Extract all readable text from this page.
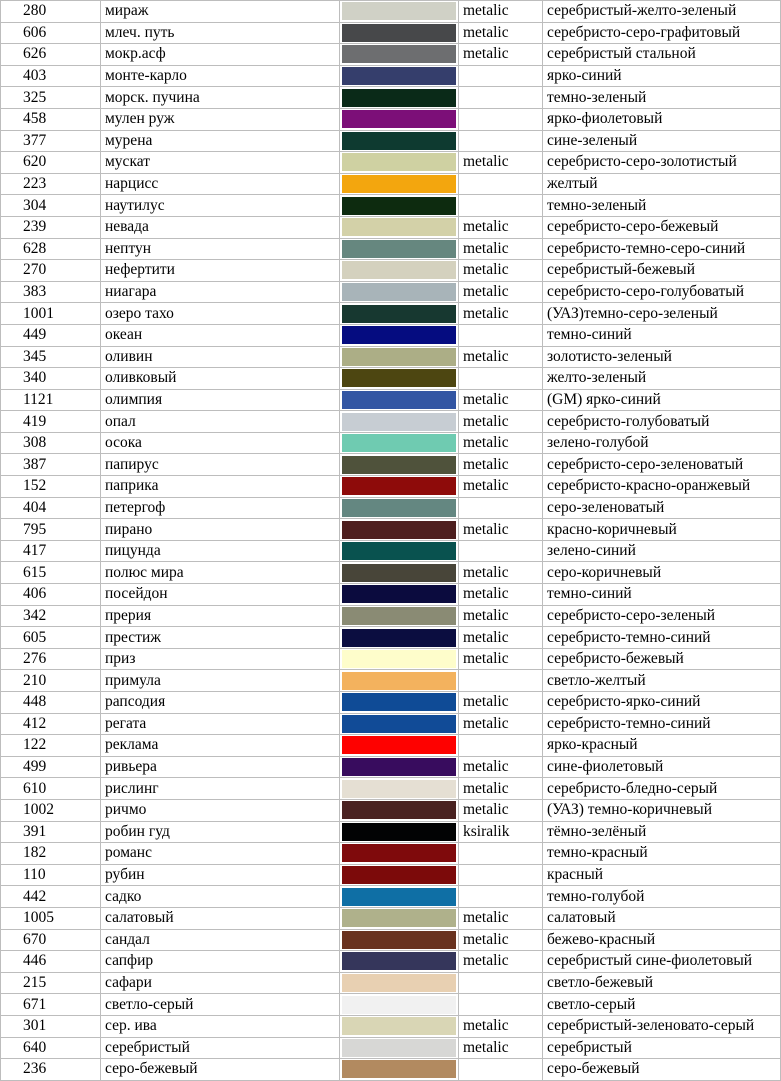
280	мираж		metalic	серебристый-желто-зеленый
606	млеч. путь		metalic	серебристо-серо-графитовый
626	мокр.асф		metalic	серебристый стальной
403	монте-карло			ярко-синий
325	морск. пучина			темно-зеленый
458	мулен руж			ярко-фиолетовый
377	мурена			сине-зеленый
620	мускат		metalic	серебристо-серо-золотистый
223	нарцисс			желтый
304	наутилус			темно-зеленый
239	невада		metalic	серебристо-серо-бежевый
628	нептун		metalic	серебристо-темно-серо-синий
270	нефертити		metalic	серебристый-бежевый
383	ниагара		metalic	серебристо-серо-голубоватый
1001	озеро тахо		metalic	(УАЗ)темно-серо-зеленый
449	океан			темно-синий
345	оливин		metalic	золотисто-зеленый
340	оливковый			желто-зеленый
1121	олимпия		metalic	(GM) ярко-синий
419	опал		metalic	серебристо-голубоватый
308	осока		metalic	зелено-голубой
387	папирус		metalic	серебристо-серо-зеленоватый
152	паприка		metalic	серебристо-красно-оранжевый
404	петергоф			серо-зеленоватый
795	пирано		metalic	красно-коричневый
417	пицунда			зелено-синий
615	полюс мира		metalic	серо-коричневый
406	посейдон		metalic	темно-синий
342	прерия		metalic	серебристо-серо-зеленый
605	престиж		metalic	серебристо-темно-синий
276	приз		metalic	серебристо-бежевый
210	примула			светло-желтый
448	рапсодия		metalic	серебристо-ярко-синий
412	регата		metalic	серебристо-темно-синий
122	реклама			ярко-красный
499	ривьера		metalic	сине-фиолетовый
610	рислинг		metalic	серебристо-бледно-серый
1002	ричмо		metalic	(УАЗ) темно-коричневый
391	робин гуд		ksiralik	тёмно-зелёный
182	романс			темно-красный
110	рубин			красный
442	садко			темно-голубой
1005	салатовый		metalic	салатовый
670	сандал		metalic	бежево-красный
446	сапфир		metalic	серебристый сине-фиолетовый
215	сафари			светло-бежевый
671	светло-серый			светло-серый
301	сер. ива		metalic	серебристый-зеленовато-серый
640	серебристый		metalic	серебристый
236	серо-бежевый			серо-бежевый
